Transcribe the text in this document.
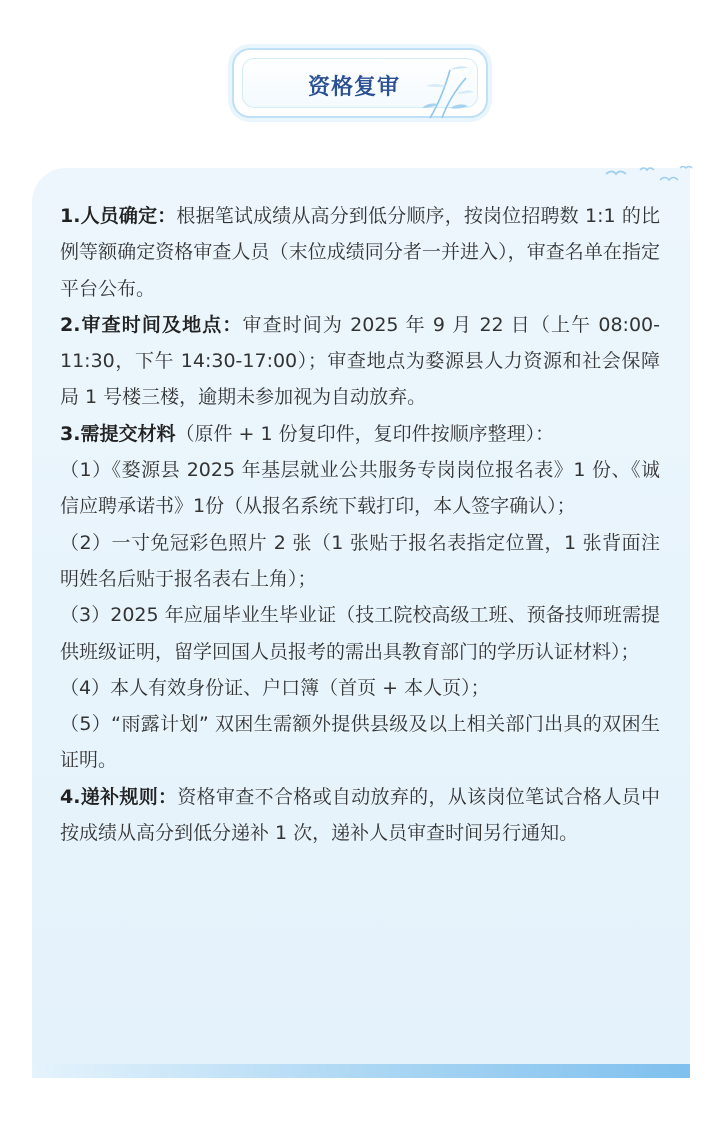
资格复审

1.人员确定：根据笔试成绩从高分到低分顺序，按岗位招聘数 1:1 的比例等额确定资格审查人员（末位成绩同分者一并进入），审查名单在指定平台公布。

2.审查时间及地点：审查时间为 2025 年 9 月 22 日（上午 08:00-11:30，下午 14:30-17:00）；审查地点为婺源县人力资源和社会保障局 1 号楼三楼，逾期未参加视为自动放弃。

3.需提交材料（原件 + 1 份复印件，复印件按顺序整理）：

（1）《婺源县 2025 年基层就业公共服务专岗岗位报名表》1 份、《诚信应聘承诺书》1份（从报名系统下载打印，本人签字确认）；

（2）一寸免冠彩色照片 2 张（1 张贴于报名表指定位置，1 张背面注明姓名后贴于报名表右上角）；

（3）2025 年应届毕业生毕业证（技工院校高级工班、预备技师班需提供班级证明，留学回国人员报考的需出具教育部门的学历认证材料）；

（4）本人有效身份证、户口簿（首页 + 本人页）；

（5）“雨露计划” 双困生需额外提供县级及以上相关部门出具的双困生证明。

4.递补规则：资格审查不合格或自动放弃的，从该岗位笔试合格人员中按成绩从高分到低分递补 1 次，递补人员审查时间另行通知。
